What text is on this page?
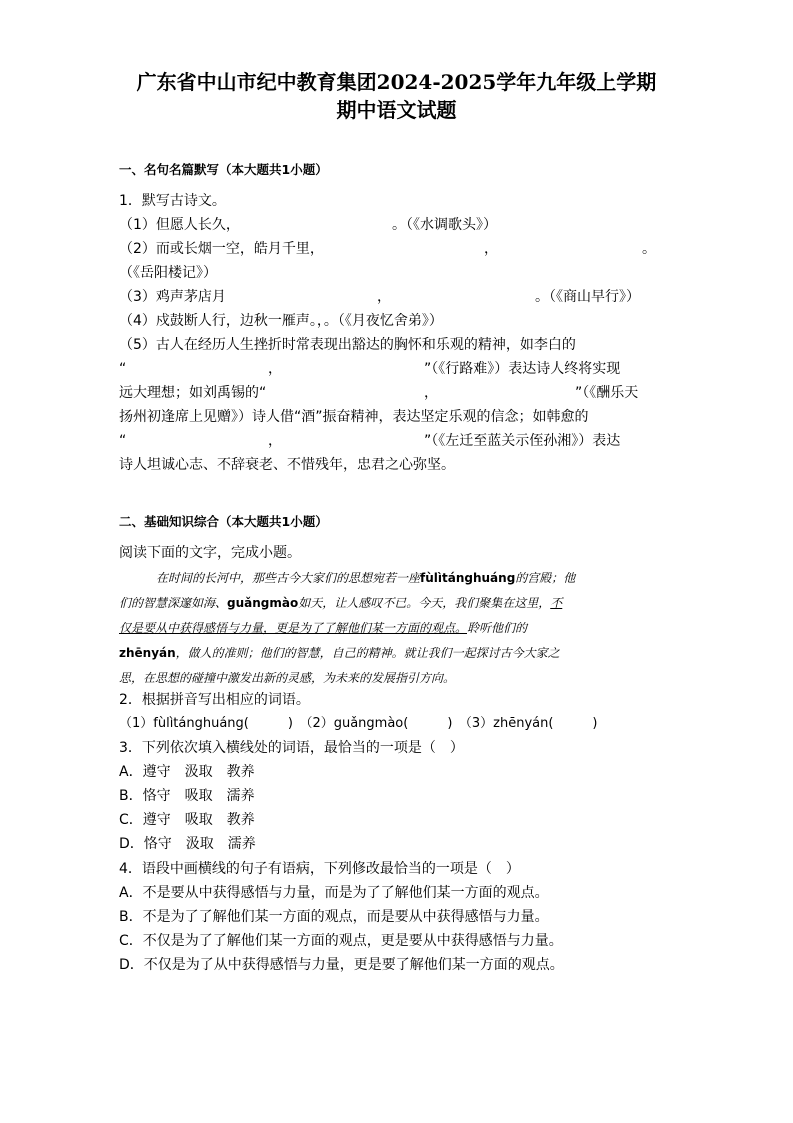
广东省中山市纪中教育集团2024-2025学年九年级上学期
期中语文试题
一、名句名篇默写（本大题共1小题）
1．默写古诗文。
（1）但愿人长久，	。（《水调歌头》）
（2）而或长烟一空，皓月千里，	，	。
（《岳阳楼记》）
（3）鸡声茅店月	，	。（《商山早行》）
（4）戍鼓断人行，边秋一雁声。，。（《月夜忆舍弟》）
（5）古人在经历人生挫折时常表现出豁达的胸怀和乐观的精神，如李白的
“	，	”（《行路难》）表达诗人终将实现
远大理想；如刘禹锡的“	，	”（《酬乐天
扬州初逢席上见赠》）诗人借“酒”振奋精神，表达坚定乐观的信念；如韩愈的
“	，	”（《左迁至蓝关示侄孙湘》）表达
诗人坦诚心志、不辞衰老、不惜残年，忠君之心弥坚。
二、基础知识综合（本大题共1小题）
阅读下面的文字，完成小题。
在时间的长河中，那些古今大家们的思想宛若一座fùlìtánghuáng的宫殿；他
们的智慧深邃如海、guǎngmào如天，让人感叹不已。今天，我们聚集在这里，不
仅是要从中获得感悟与力量，更是为了了解他们某一方面的观点。聆听他们的
zhēnyán，做人的准则；他们的智慧，自己的精神。就让我们一起探讨古今大家之
思，在思想的碰撞中激发出新的灵感，为未来的发展指引方向。
2．根据拼音写出相应的词语。
（1）fùlìtánghuáng(　　　)　（2）guǎngmào(　　　)　（3）zhēnyán(　　　)
3．下列依次填入横线处的词语，最恰当的一项是（　）
A．遵守　汲取　教养
B．恪守　吸取　濡养
C．遵守　吸取　教养
D．恪守　汲取　濡养
4．语段中画横线的句子有语病，下列修改最恰当的一项是（　）
A．不是要从中获得感悟与力量，而是为了了解他们某一方面的观点。
B．不是为了了解他们某一方面的观点，而是要从中获得感悟与力量。
C．不仅是为了了解他们某一方面的观点，更是要从中获得感悟与力量。
D．不仅是为了从中获得感悟与力量，更是要了解他们某一方面的观点。
